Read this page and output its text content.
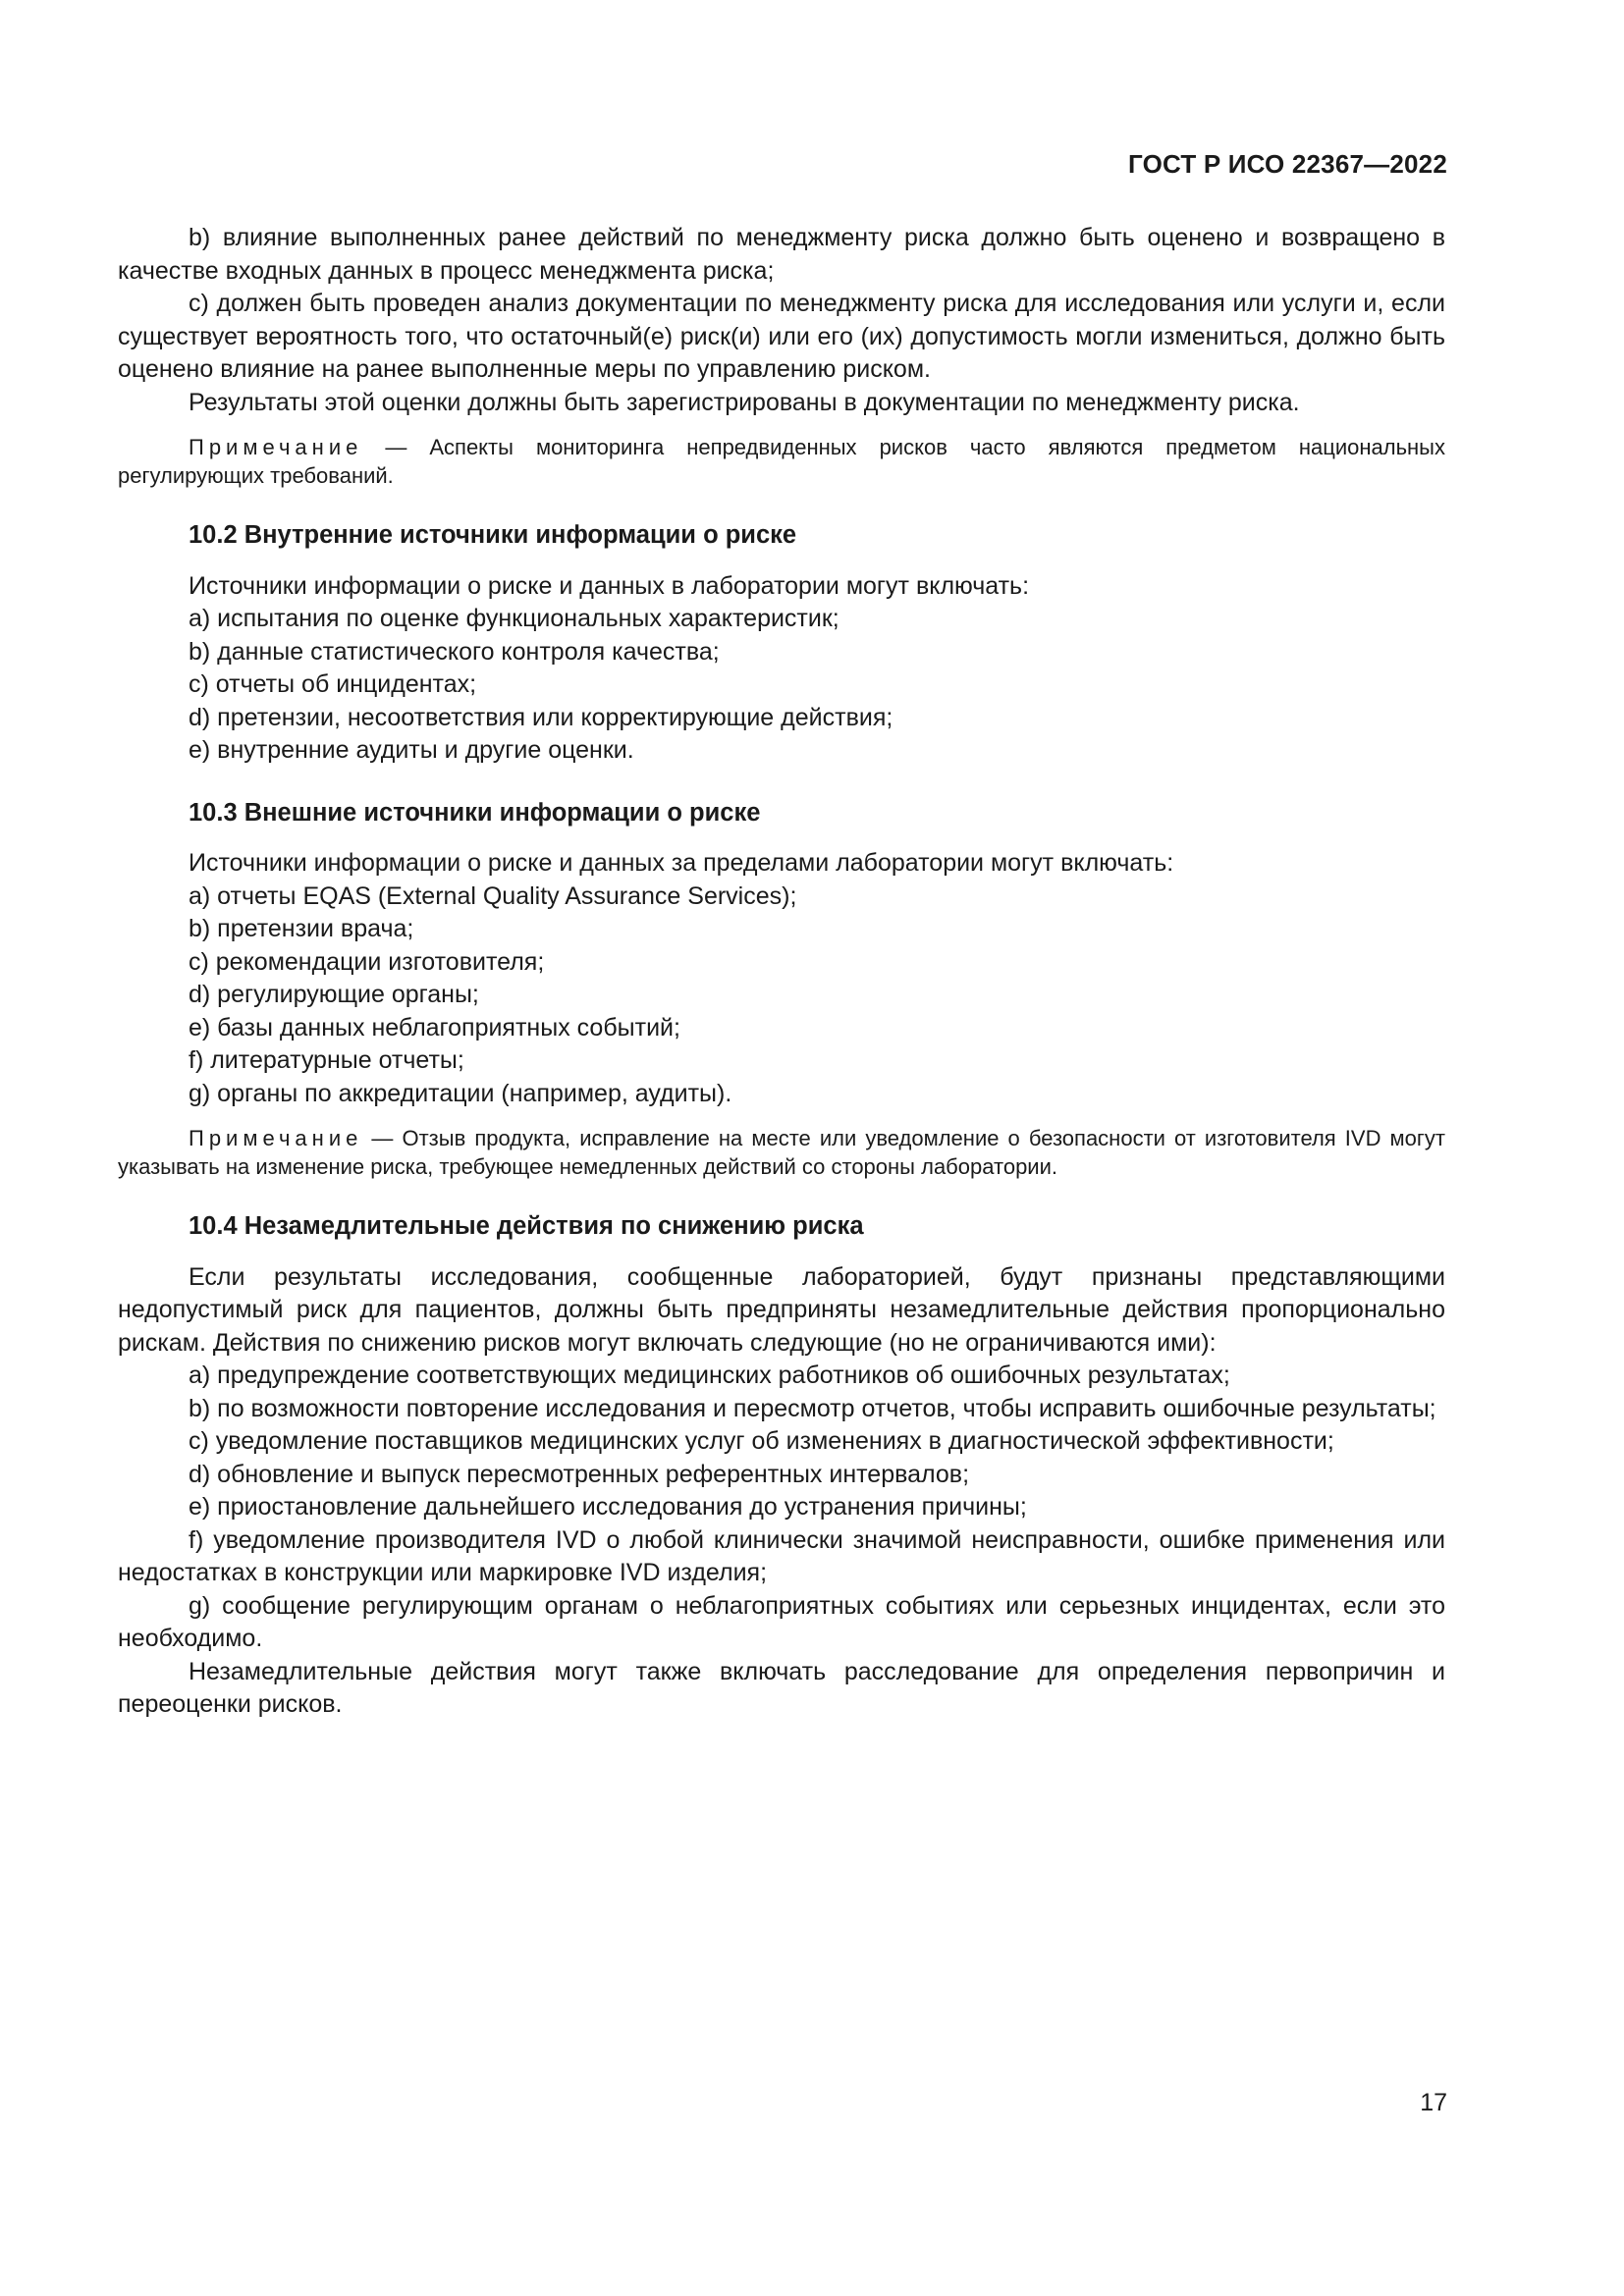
ГОСТ Р ИСО 22367—2022

b) влияние выполненных ранее действий по менеджменту риска должно быть оценено и возвращено в качестве входных данных в процесс менеджмента риска;

c) должен быть проведен анализ документации по менеджменту риска для исследования или услуги и, если существует вероятность того, что остаточный(е) риск(и) или его (их) допустимость могли измениться, должно быть оценено влияние на ранее выполненные меры по управлению риском.

Результаты этой оценки должны быть зарегистрированы в документации по менеджменту риска.

Примечание — Аспекты мониторинга непредвиденных рисков часто являются предметом национальных регулирующих требований.

10.2 Внутренние источники информации о риске

Источники информации о риске и данных в лаборатории могут включать:

a) испытания по оценке функциональных характеристик;

b) данные статистического контроля качества;

c) отчеты об инцидентах;

d) претензии, несоответствия или корректирующие действия;

e) внутренние аудиты и другие оценки.

10.3 Внешние источники информации о риске

Источники информации о риске и данных за пределами лаборатории могут включать:

a) отчеты EQAS (External Quality Assurance Services);

b) претензии врача;

c) рекомендации изготовителя;

d) регулирующие органы;

e) базы данных неблагоприятных событий;

f) литературные отчеты;

g) органы по аккредитации (например, аудиты).

Примечание — Отзыв продукта, исправление на месте или уведомление о безопасности от изготовителя IVD могут указывать на изменение риска, требующее немедленных действий со стороны лаборатории.

10.4 Незамедлительные действия по снижению риска

Если результаты исследования, сообщенные лабораторией, будут признаны представляющими недопустимый риск для пациентов, должны быть предприняты незамедлительные действия пропорционально рискам. Действия по снижению рисков могут включать следующие (но не ограничиваются ими):

a) предупреждение соответствующих медицинских работников об ошибочных результатах;

b) по возможности повторение исследования и пересмотр отчетов, чтобы исправить ошибочные результаты;

c) уведомление поставщиков медицинских услуг об изменениях в диагностической эффективности;

d) обновление и выпуск пересмотренных референтных интервалов;

e) приостановление дальнейшего исследования до устранения причины;

f) уведомление производителя IVD о любой клинически значимой неисправности, ошибке применения или недостатках в конструкции или маркировке IVD изделия;

g) сообщение регулирующим органам о неблагоприятных событиях или серьезных инцидентах, если это необходимо.

Незамедлительные действия могут также включать расследование для определения первопричин и переоценки рисков.

17
